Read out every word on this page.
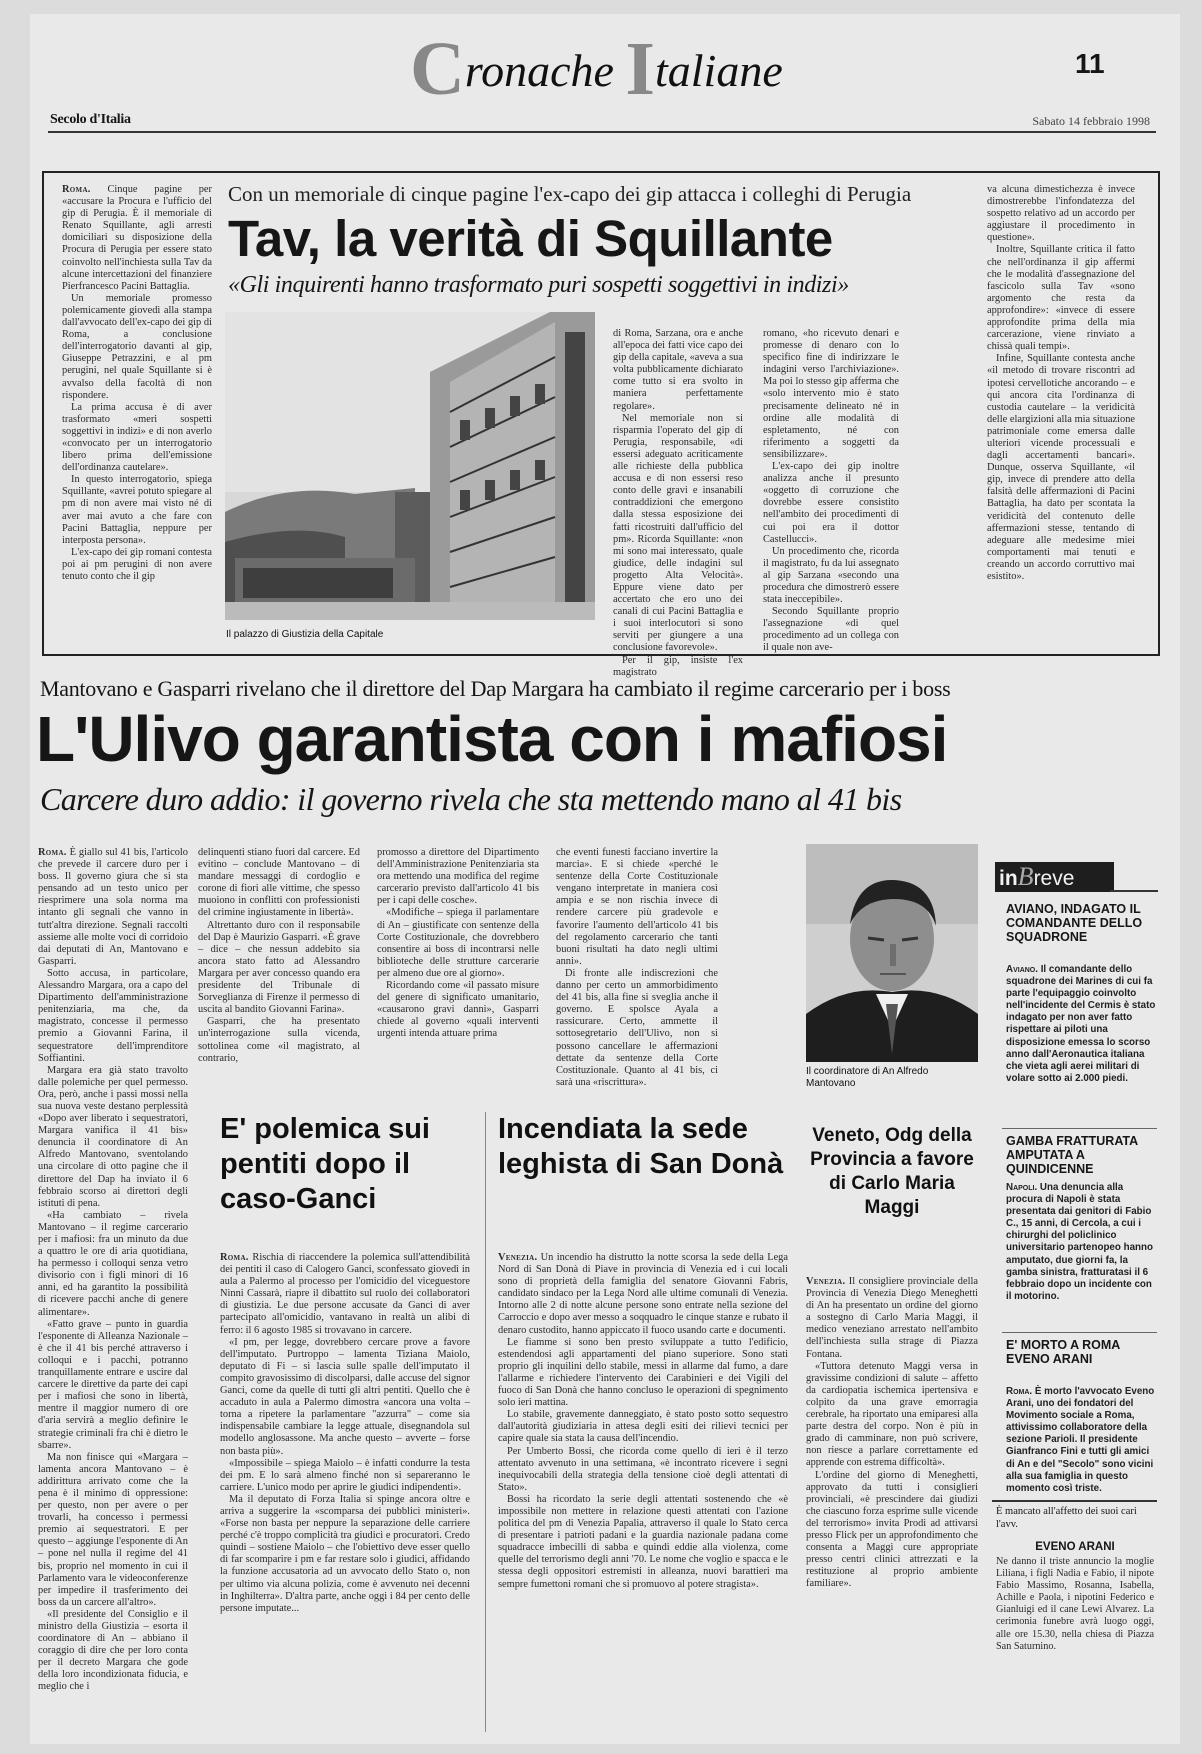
Cronache Italiane	11
Secolo d'Italia	Sabato 14 febbraio 1998

Roma. Cinque pagine per «accusare la Procura e l'ufficio del gip di Perugia. È il memoriale di Renato Squillante, agli arresti domiciliari su disposizione della Procura di Perugia per essere stato coinvolto nell'inchiesta sulla Tav da alcune intercettazioni del finanziere Pierfrancesco Pacini Battaglia.

Un memoriale promesso polemicamente giovedì alla stampa dall'avvocato dell'ex-capo dei gip di Roma, a conclusione dell'interrogatorio davanti al gip, Giuseppe Petrazzini, e al pm perugini, nel quale Squillante si è avvalso della facoltà di non rispondere.

La prima accusa è di aver trasformato «meri sospetti soggettivi in indizi» e di non averlo «convocato per un interrogatorio libero prima dell'emissione dell'ordinanza cautelare».

In questo interrogatorio, spiega Squillante, «avrei potuto spiegare al pm di non avere mai visto né di aver mai avuto a che fare con Pacini Battaglia, neppure per interposta persona».

L'ex-capo dei gip romani contesta poi ai pm perugini di non avere tenuto conto che il gip

Con un memoriale di cinque pagine l'ex-capo dei gip attacca i colleghi di Perugia
Tav, la verità di Squillante
«Gli inquirenti hanno trasformato puri sospetti soggettivi in indizi»
Il palazzo di Giustizia della Capitale

di Roma, Sarzana, ora e anche all'epoca dei fatti vice capo dei gip della capitale, «aveva a sua volta pubblicamente dichiarato come tutto si era svolto in maniera perfettamente regolare».

Nel memoriale non si risparmia l'operato del gip di Perugia, responsabile, «di essersi adeguato acriticamente alle richieste della pubblica accusa e di non essersi reso conto delle gravi e insanabili contraddizioni che emergono dalla stessa esposizione dei fatti ricostruiti dall'ufficio del pm». Ricorda Squillante: «non mi sono mai interessato, quale giudice, delle indagini sul progetto Alta Velocità». Eppure viene dato per accertato che ero uno dei canali di cui Pacini Battaglia e i suoi interlocutori si sono serviti per giungere a una conclusione favorevole».

Per il gip, insiste l'ex magistrato

romano, «ho ricevuto denari e promesse di denaro con lo specifico fine di indirizzare le indagini verso l'archiviazione». Ma poi lo stesso gip afferma che «solo intervento mio è stato precisamente delineato né in ordine alle modalità di espletamento, né con riferimento a soggetti da sensibilizzare».

L'ex-capo dei gip inoltre analizza anche il presunto «oggetto di corruzione che dovrebbe essere consistito nell'ambito dei procedimenti di cui poi era il dottor Castellucci».

Un procedimento che, ricorda il magistrato, fu da lui assegnato al gip Sarzana «secondo una procedura che dimostrerò essere stata ineccepibile».

Secondo Squillante proprio l'assegnazione «di quel procedimento ad un collega con il quale non ave-

va alcuna dimestichezza è invece dimostrerebbe l'infondatezza del sospetto relativo ad un accordo per aggiustare il procedimento in questione».

Inoltre, Squillante critica il fatto che nell'ordinanza il gip affermi che le modalità d'assegnazione del fascicolo sulla Tav «sono argomento che resta da approfondire»: «invece di essere approfondite prima della mia carcerazione, viene rinviato a chissà quali tempi».

Infine, Squillante contesta anche «il metodo di trovare riscontri ad ipotesi cervellotiche ancorando – e qui ancora cita l'ordinanza di custodia cautelare – la veridicità delle elargizioni alla mia situazione patrimoniale come emersa dalle ulteriori vicende processuali e dagli accertamenti bancari». Dunque, osserva Squillante, «il gip, invece di prendere atto della falsità delle affermazioni di Pacini Battaglia, ha dato per scontata la veridicità del contenuto delle affermazioni stesse, tentando di adeguare alle medesime miei comportamenti mai tenuti e creando un accordo corruttivo mai esistito».

Mantovano e Gasparri rivelano che il direttore del Dap Margara ha cambiato il regime carcerario per i boss
L'Ulivo garantista con i mafiosi
Carcere duro addio: il governo rivela che sta mettendo mano al 41 bis

Roma. È giallo sul 41 bis, l'articolo che prevede il carcere duro per i boss. Il governo giura che si sta pensando ad un testo unico per riesprimere una sola norma ma intanto gli segnali che vanno in tutt'altra direzione. Segnali raccolti assieme alle molte voci di corridoio dai deputati di An, Mantovano e Gasparri.

Sotto accusa, in particolare, Alessandro Margara, ora a capo del Dipartimento dell'amministrazione penitenziaria, ma che, da magistrato, concesse il permesso premio a Giovanni Farina, il sequestratore dell'imprenditore Soffiantini.

Margara era già stato travolto dalle polemiche per quel permesso. Ora, però, anche i passi mossi nella sua nuova veste destano perplessità «Dopo aver liberato i sequestratori, Margara vanifica il 41 bis» denuncia il coordinatore di An Alfredo Mantovano, sventolando una circolare di otto pagine che il direttore del Dap ha inviato il 6 febbraio scorso ai direttori degli istituti di pena.

«Ha cambiato – rivela Mantovano – il regime carcerario per i mafiosi: fra un minuto da due a quattro le ore di aria quotidiana, ha permesso i colloqui senza vetro divisorio con i figli minori di 16 anni, ed ha garantito la possibilità di ricevere pacchi anche di genere alimentare».

«Fatto grave – punto in guardia l'esponente di Alleanza Nazionale – è che il 41 bis perché attraverso i colloqui e i pacchi, potranno tranquillamente entrare e uscire dal carcere le direttive da parte dei capi per i mafiosi che sono in libertà, mentre il maggior numero di ore d'aria servirà a meglio definire le strategie criminali fra chi è dietro le sbarre».

Ma non finisce qui «Margara – lamenta ancora Mantovano – è addirittura arrivato come che la pena è il minimo di oppressione: per questo, non per avere o per trovarli, ha concesso i permessi premio ai sequestratori. E per questo – aggiunge l'esponente di An – pone nel nulla il regime del 41 bis, proprio nel momento in cui il Parlamento vara le videoconferenze per impedire il trasferimento dei boss da un carcere all'altro».

«Il presidente del Consiglio e il ministro della Giustizia – esorta il coordinatore di An – abbiano il coraggio di dire che per loro conta per il decreto Margara che gode della loro incondizionata fiducia, e meglio che i

delinquenti stiano fuori dal carcere. Ed evitino – conclude Mantovano – di mandare messaggi di cordoglio e corone di fiori alle vittime, che spesso muoiono in conflitti con professionisti del crimine ingiustamente in libertà».

Altrettanto duro con il responsabile del Dap è Maurizio Gasparri. «È grave – dice – che nessun addebito sia ancora stato fatto ad Alessandro Margara per aver concesso quando era presidente del Tribunale di Sorveglianza di Firenze il permesso di uscita al bandito Giovanni Farina».

Gasparri, che ha presentato un'interrogazione sulla vicenda, sottolinea come «il magistrato, al contrario,

promosso a direttore del Dipartimento dell'Amministrazione Penitenziaria sta ora mettendo una modifica del regime carcerario previsto dall'articolo 41 bis per i capi delle cosche».

«Modifiche – spiega il parlamentare di An – giustificate con sentenze della Corte Costituzionale, che dovrebbero consentire ai boss di incontrarsi nelle biblioteche delle strutture carcerarie per almeno due ore al giorno».

Ricordando come «il passato misure del genere di significato umanitario, «causarono gravi danni», Gasparri chiede al governo «quali interventi urgenti intenda attuare prima

che eventi funesti facciano invertire la marcia». E si chiede «perché le sentenze della Corte Costituzionale vengano interpretate in maniera così ampia e se non rischia invece di rendere carcere più gradevole e favorire l'aumento dell'articolo 41 bis del regolamento carcerario che tanti buoni risultati ha dato negli ultimi anni».

Di fronte alle indiscrezioni che danno per certo un ammorbidimento del 41 bis, alla fine si sveglia anche il governo. E spolsce Ayala a rassicurare. Certo, ammette il sottosegretario dell'Ulivo, non si possono cancellare le affermazioni dettate da sentenze della Corte Costituzionale. Quanto al 41 bis, ci sarà una «riscrittura».

Il coordinatore di An Alfredo Mantovano
E' polemica sui pentiti dopo il caso-Ganci

Roma. Rischia di riaccendere la polemica sull'attendibilità dei pentiti il caso di Calogero Ganci, sconfessato giovedì in aula a Palermo al processo per l'omicidio del viceguestore Ninni Cassarà, riapre il dibattito sul ruolo dei collaboratori di giustizia. Le due persone accusate da Ganci di aver partecipato all'omicidio, vantavano in realtà un alibi di ferro: il 6 agosto 1985 si trovavano in carcere.

«I pm, per legge, dovrebbero cercare prove a favore dell'imputato. Purtroppo – lamenta Tiziana Maiolo, deputato di Fi – si lascia sulle spalle dell'imputato il compito gravosissimo di discolparsi, dalle accuse del signor Ganci, come da quelle di tutti gli altri pentiti. Quello che è accaduto in aula a Palermo dimostra «ancora una volta – torna a ripetere la parlamentare "azzurra" – come sia indispensabile cambiare la legge attuale, disegnandola sul modello anglosassone. Ma anche questo – avverte – forse non basta più».

«Impossibile – spiega Maiolo – è infatti condurre la testa dei pm. E lo sarà almeno finché non si separeranno le carriere. L'unico modo per aprire le giudici indipendenti».

Ma il deputato di Forza Italia si spinge ancora oltre e arriva a suggerire la «scomparsa dei pubblici ministeri». «Forse non basta per neppure la separazione delle carriere perché c'è troppo complicità tra giudici e procuratori. Credo quindi – sostiene Maiolo – che l'obiettivo deve esser quello di far scomparire i pm e far restare solo i giudici, affidando la funzione accusatoria ad un avvocato dello Stato o, non per ultimo via alcuna polizia, come è avvenuto nei decenni in Inghilterra». D'altra parte, anche oggi i 84 per cento delle persone imputate...

Incendiata la sede leghista di San Donà

Venezia. Un incendio ha distrutto la notte scorsa la sede della Lega Nord di San Donà di Piave in provincia di Venezia ed i cui locali sono di proprietà della famiglia del senatore Giovanni Fabris, candidato sindaco per la Lega Nord alle ultime comunali di Venezia. Intorno alle 2 di notte alcune persone sono entrate nella sezione del Carroccio e dopo aver messo a soqquadro le cinque stanze e rubato il denaro custodito, hanno appiccato il fuoco usando carte e documenti.

Le fiamme si sono ben presto sviluppate a tutto l'edificio, estendendosi agli appartamenti del piano superiore. Sono stati proprio gli inquilini dello stabile, messi in allarme dal fumo, a dare l'allarme e richiedere l'intervento dei Carabinieri e dei Vigili del fuoco di San Donà che hanno concluso le operazioni di spegnimento solo ieri mattina.

Lo stabile, gravemente danneggiato, è stato posto sotto sequestro dall'autorità giudiziaria in attesa degli esiti dei rilievi tecnici per capire quale sia stata la causa dell'incendio.

Per Umberto Bossi, che ricorda come quello di ieri è il terzo attentato avvenuto in una settimana, «è incontrato ricevere i segni inequivocabili della strategia della tensione cioè degli attentati di Stato».

Bossi ha ricordato la serie degli attentati sostenendo che «è impossibile non mettere in relazione questi attentati con l'azione politica del pm di Venezia Papalia, attraverso il quale lo Stato cerca di presentare i patrioti padani e la guardia nazionale padana come squadracce imbecilli di sabba e quindi eddie alla violenza, come quelle del terrorismo degli anni '70. Le nome che voglio e spacca e le stessa degli oppositori estremisti in alleanza, nuovi barattieri ma sempre fumettoni romani che si promuovo al potere stragista».

Veneto, Odg della Provincia a favore di Carlo Maria Maggi

Venezia. Il consigliere provinciale della Provincia di Venezia Diego Meneghetti di An ha presentato un ordine del giorno a sostegno di Carlo Maria Maggi, il medico veneziano arrestato nell'ambito dell'inchiesta sulla strage di Piazza Fontana.

«Tuttora detenuto Maggi versa in gravissime condizioni di salute – affetto da cardiopatia ischemica ipertensiva e colpito da una grave emorragia cerebrale, ha riportato una emiparesi alla parte destra del corpo. Non è più in grado di camminare, non può scrivere, non riesce a parlare correttamente ed apprende con estrema difficoltà».

L'ordine del giorno di Meneghetti, approvato da tutti i consiglieri provinciali, «è prescindere dai giudizi che ciascuno forza esprime sulle vicende del terrorismo» invita Prodi ad attivarsi presso Flick per un approfondimento che consenta a Maggi cure appropriate presso centri clinici attrezzati e la restituzione al proprio ambiente familiare».

inBreve
AVIANO, INDAGATO IL COMANDANTE DELLO SQUADRONE
Aviano. Il comandante dello squadrone dei Marines di cui fa parte l'equipaggio coinvolto nell'incidente del Cermis è stato indagato per non aver fatto rispettare ai piloti una disposizione emessa lo scorso anno dall'Aeronautica italiana che vieta agli aerei militari di volare sotto ai 2.000 piedi.
GAMBA FRATTURATA AMPUTATA A QUINDICENNE
Napoli. Una denuncia alla procura di Napoli è stata presentata dai genitori di Fabio C., 15 anni, di Cercola, a cui i chirurghi del policlinico universitario partenopeo hanno amputato, due giorni fa, la gamba sinistra, fratturatasi il 6 febbraio dopo un incidente con il motorino.
E' MORTO A ROMA EVENO ARANI
Roma. È morto l'avvocato Eveno Arani, uno dei fondatori del Movimento sociale a Roma, attivissimo collaboratore della sezione Parioli. Il presidente Gianfranco Fini e tutti gli amici di An e del "Secolo" sono vicini alla sua famiglia in questo momento così triste.
È mancato all'affetto dei suoi cari l'avv.
EVENO ARANI
Ne danno il triste annuncio la moglie Liliana, i figli Nadia e Fabio, il nipote Fabio Massimo, Rosanna, Isabella, Achille e Paola, i nipotini Federico e Gianluigi ed il cane Lewi Alvarez. La cerimonia funebre avrà luogo oggi, alle ore 15.30, nella chiesa di Piazza San Saturnino.
